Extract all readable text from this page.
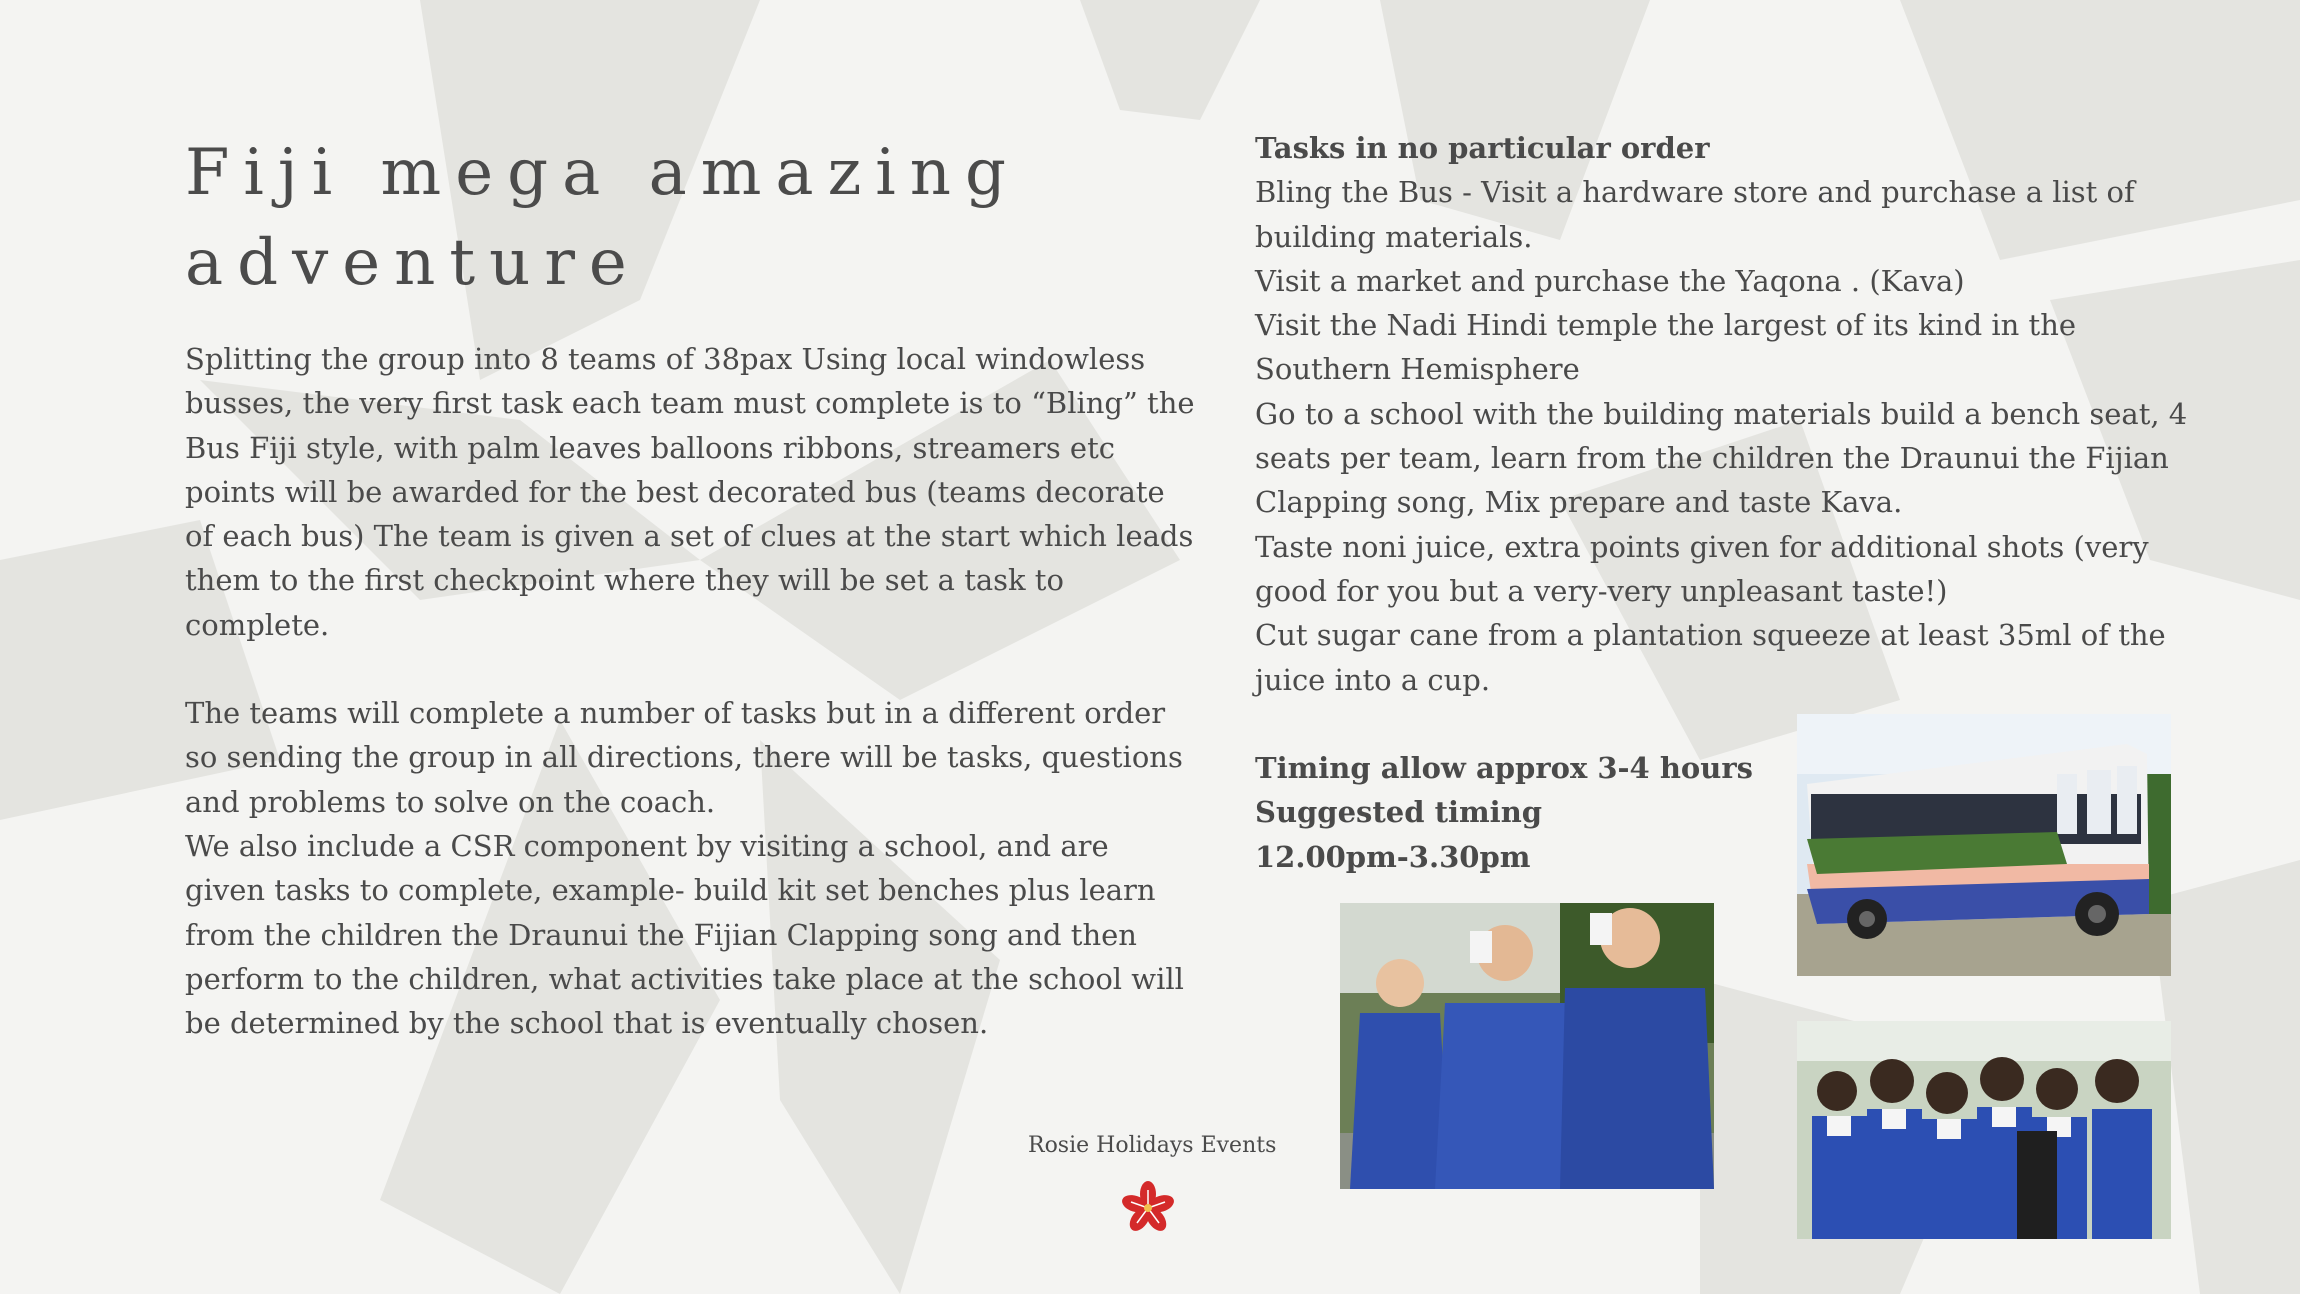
Fiji mega amazing
adventure

Splitting the group into 8 teams of 38pax Using local windowless busses, the very first task each team must complete is to “Bling” the Bus Fiji style, with palm leaves balloons ribbons, streamers etc points will be awarded for the best decorated bus (teams decorate of each bus) The team is given a set of clues at the start which leads them to the first checkpoint where they will be set a task to complete.

The teams will complete a number of tasks but in a different order so sending the group in all directions, there will be tasks, questions and problems to solve on the coach.

We also include a CSR component by visiting a school, and are given tasks to complete, example- build kit set benches plus learn from the children the Draunui the Fijian Clapping song and then perform to the children, what activities take place at the school will be determined by the school that is eventually chosen.

Tasks in no particular order
Bling the Bus - Visit a hardware store and purchase a list of building materials.
Visit a market and purchase the Yaqona . (Kava)
Visit the Nadi Hindi temple the largest of its kind in the Southern Hemisphere
Go to a school with the building materials build a bench seat, 4 seats per team, learn from the children the Draunui the Fijian Clapping song, Mix prepare and taste Kava.
Taste noni juice, extra points given for additional shots (very good for you but a very-very unpleasant taste!)
Cut sugar cane from a plantation squeeze at least 35ml of the juice into a cup.
Timing allow approx 3-4 hours
Suggested timing
12.00pm-3.30pm
Rosie Holidays Events
